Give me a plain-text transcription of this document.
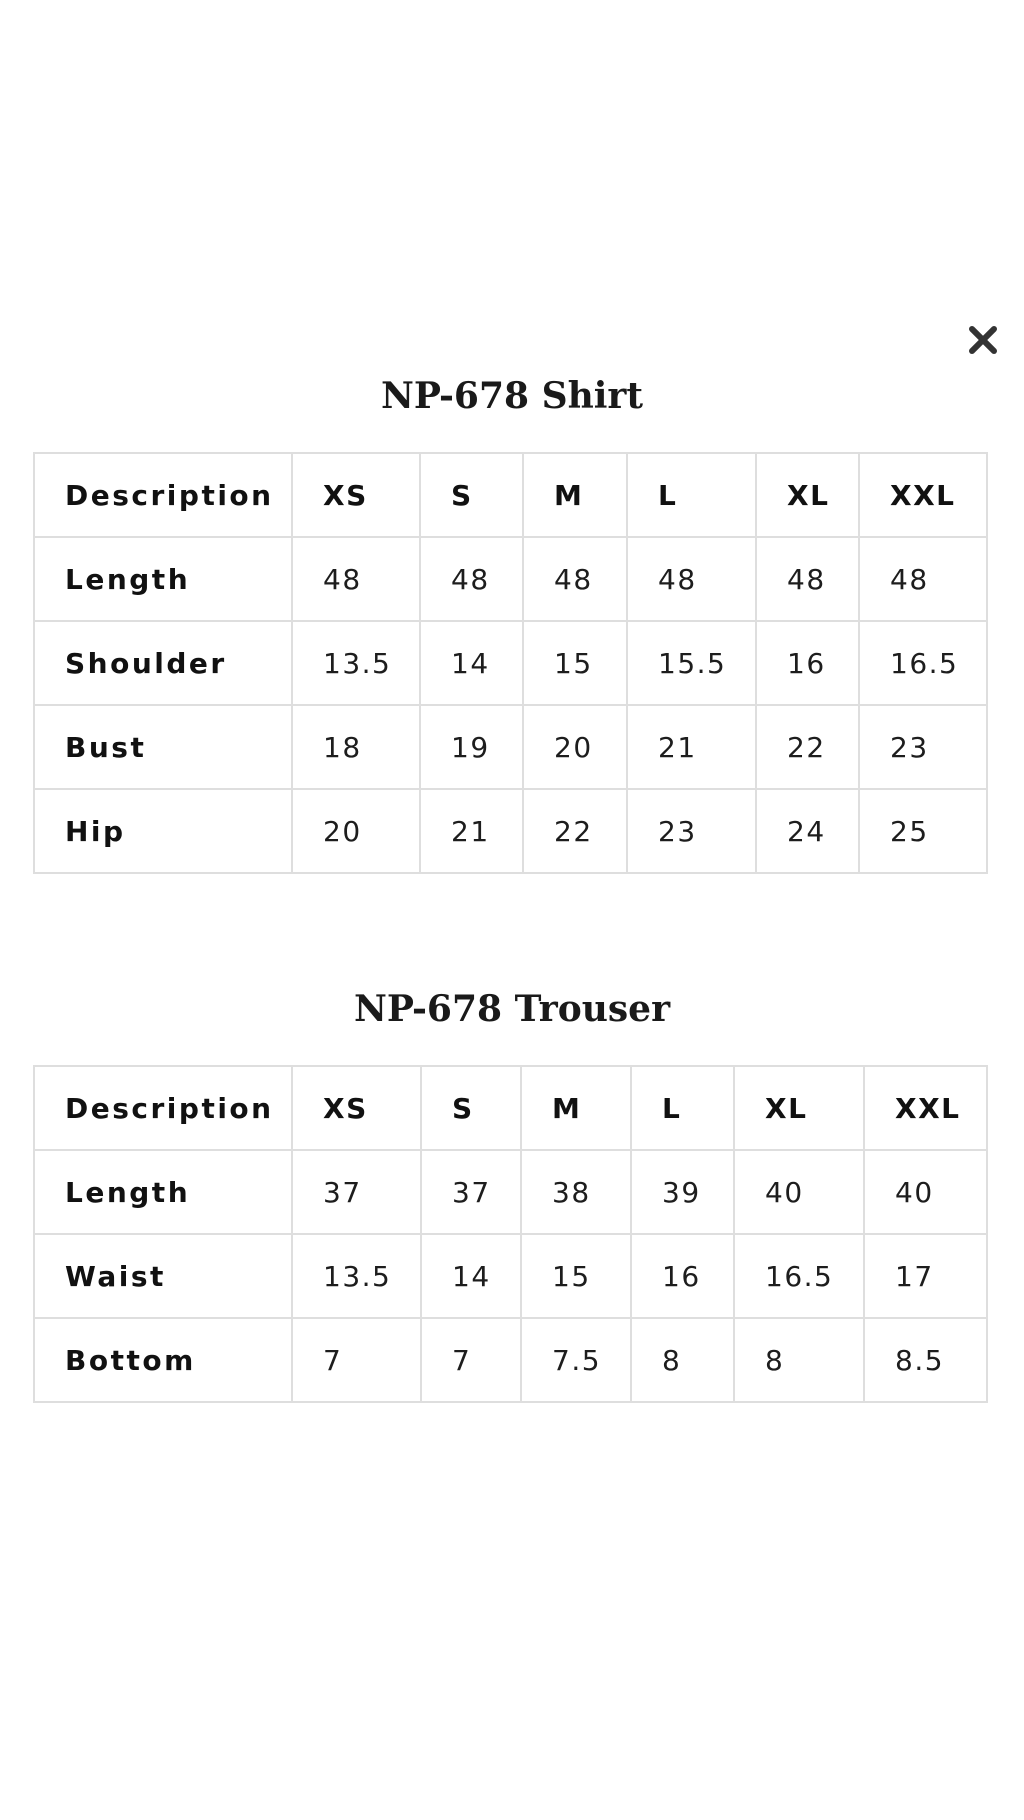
NP-678 Shirt
Description	XS	S	M	L	XL	XXL
Length	48	48	48	48	48	48
Shoulder	13.5	14	15	15.5	16	16.5
Bust	18	19	20	21	22	23
Hip	20	21	22	23	24	25
NP-678 Trouser
Description	XS	S	M	L	XL	XXL
Length	37	37	38	39	40	40
Waist	13.5	14	15	16	16.5	17
Bottom	7	7	7.5	8	8	8.5
